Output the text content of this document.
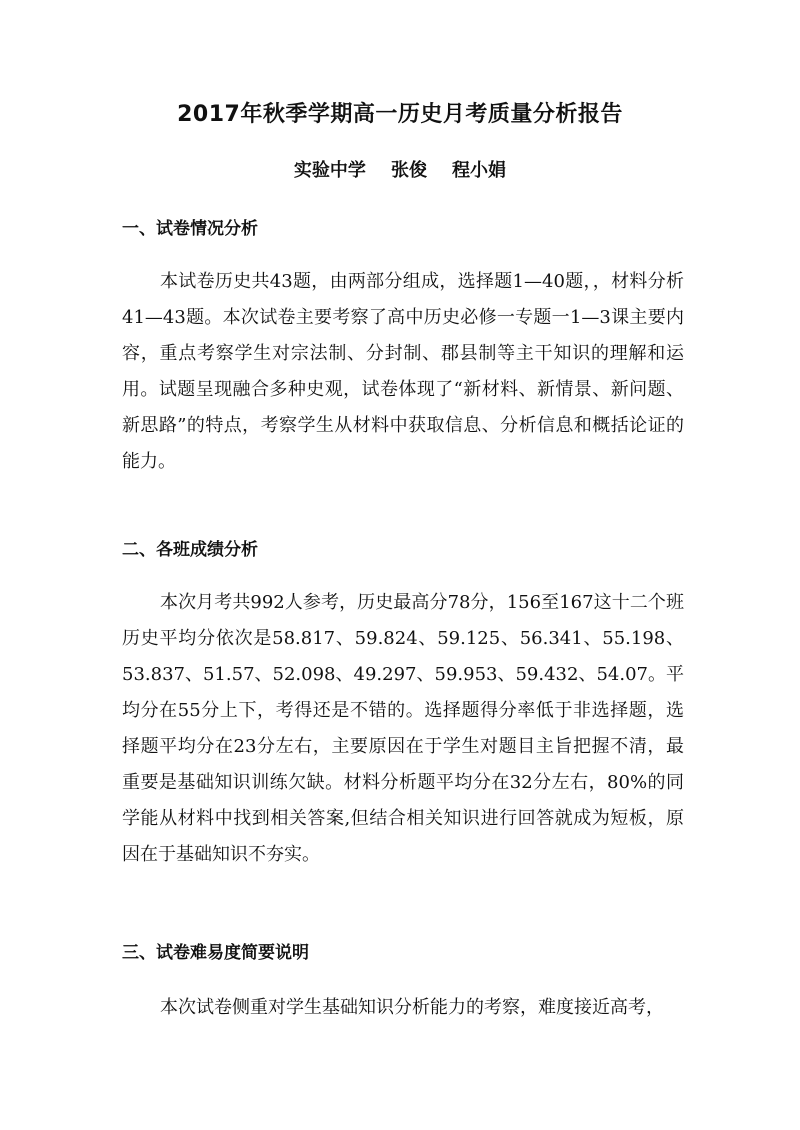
2017年秋季学期高一历史月考质量分析报告
实验中学    张俊    程小娟
一、试卷情况分析
本试卷历史共43题，由两部分组成，选择题1—40题，，材料分析41—43题。本次试卷主要考察了高中历史必修一专题一1—3课主要内容，重点考察学生对宗法制、分封制、郡县制等主干知识的理解和运用。试题呈现融合多种史观，试卷体现了“新材料、新情景、新问题、新思路”的特点，考察学生从材料中获取信息、分析信息和概括论证的能力。
二、各班成绩分析
本次月考共992人参考，历史最高分78分，156至167这十二个班历史平均分依次是58.817、59.824、59.125、56.341、55.198、53.837、51.57、52.098、49.297、59.953、59.432、54.07。平均分在55分上下，考得还是不错的。选择题得分率低于非选择题，选择题平均分在23分左右，主要原因在于学生对题目主旨把握不清，最重要是基础知识训练欠缺。材料分析题平均分在32分左右，80%的同学能从材料中找到相关答案,但结合相关知识进行回答就成为短板，原因在于基础知识不夯实。
三、试卷难易度简要说明
本次试卷侧重对学生基础知识分析能力的考察，难度接近高考，
